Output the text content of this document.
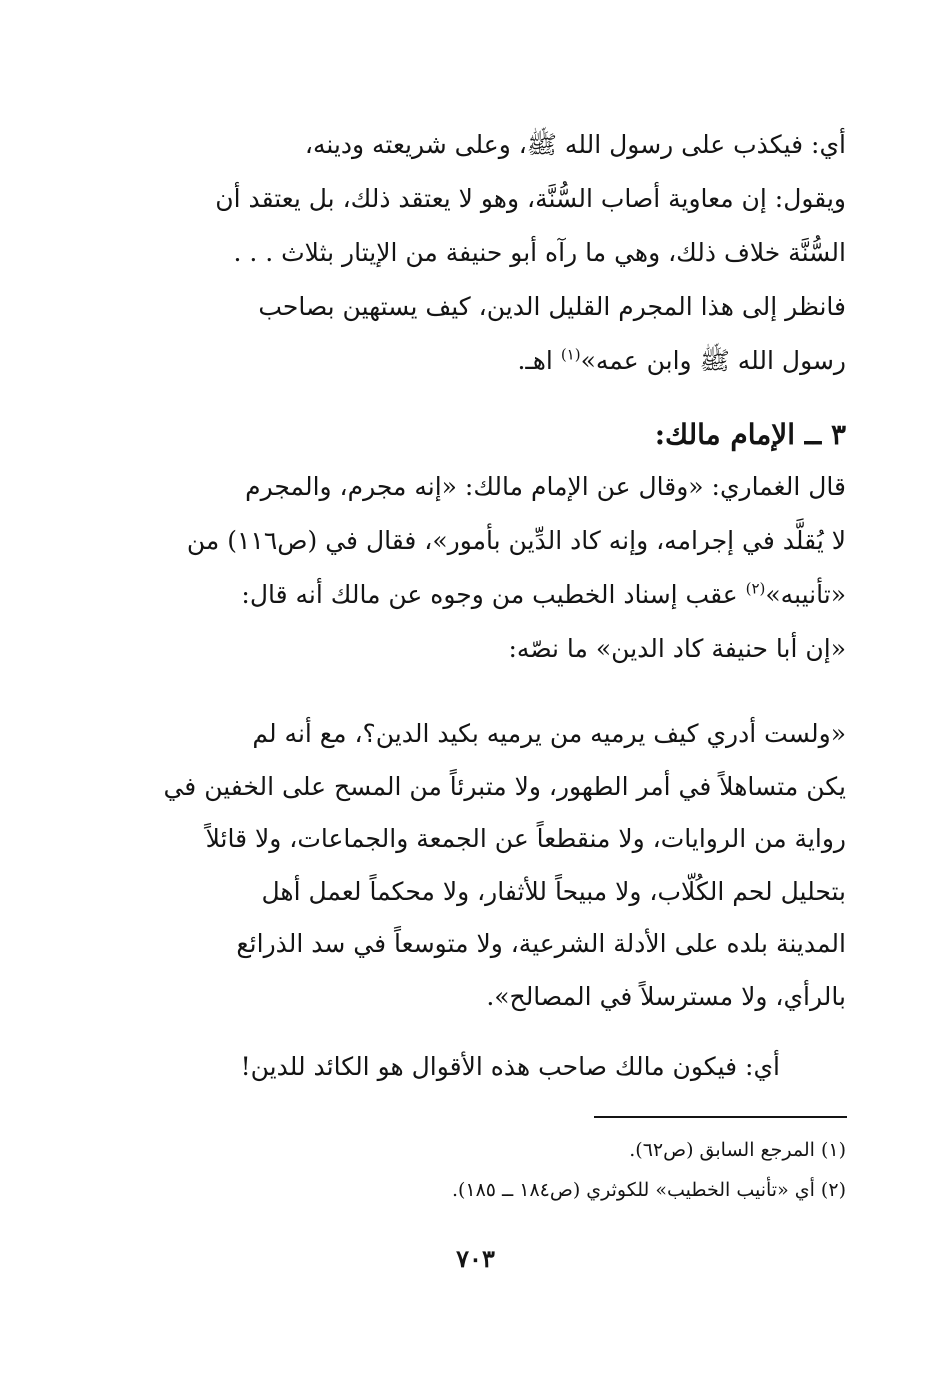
أي: فيكذب على رسول الله ﷺ، وعلى شريعته ودينه،
ويقول: إن معاوية أصاب السُّنَّة، وهو لا يعتقد ذلك، بل يعتقد أن
السُّنَّة خلاف ذلك، وهي ما رآه أبو حنيفة من الإيتار بثلاث . . .
فانظر إلى هذا المجرم القليل الدين، كيف يستهين بصاحب
رسول الله ﷺ وابن عمه»$^{(١)}$ اهـ.
٣ ــ الإمام مالك:
قال الغماري: «وقال عن الإمام مالك: «إنه مجرم، والمجرم
لا يُقلَّد في إجرامه، وإنه كاد الدِّين بأمور»، فقال في (ص١١٦) من
«تأنيبه»$^{(٢)}$ عقب إسناد الخطيب من وجوه عن مالك أنه قال:
«إن أبا حنيفة كاد الدين» ما نصّه:
«ولست أدري كيف يرميه من يرميه بكيد الدين؟، مع أنه لم
يكن متساهلاً في أمر الطهور، ولا متبرئاً من المسح على الخفين في
رواية من الروايات، ولا منقطعاً عن الجمعة والجماعات، ولا قائلاً
بتحليل لحم الكُلّاب، ولا مبيحاً للأثفار، ولا محكماً لعمل أهل
المدينة بلده على الأدلة الشرعية، ولا متوسعاً في سد الذرائع
بالرأي، ولا مسترسلاً في المصالح».
أي: فيكون مالك صاحب هذه الأقوال هو الكائد للدين!
(١) المرجع السابق (ص٦٢).
(٢) أي «تأنيب الخطيب» للكوثري (ص١٨٤ ــ ١٨٥).
٧٠٣
